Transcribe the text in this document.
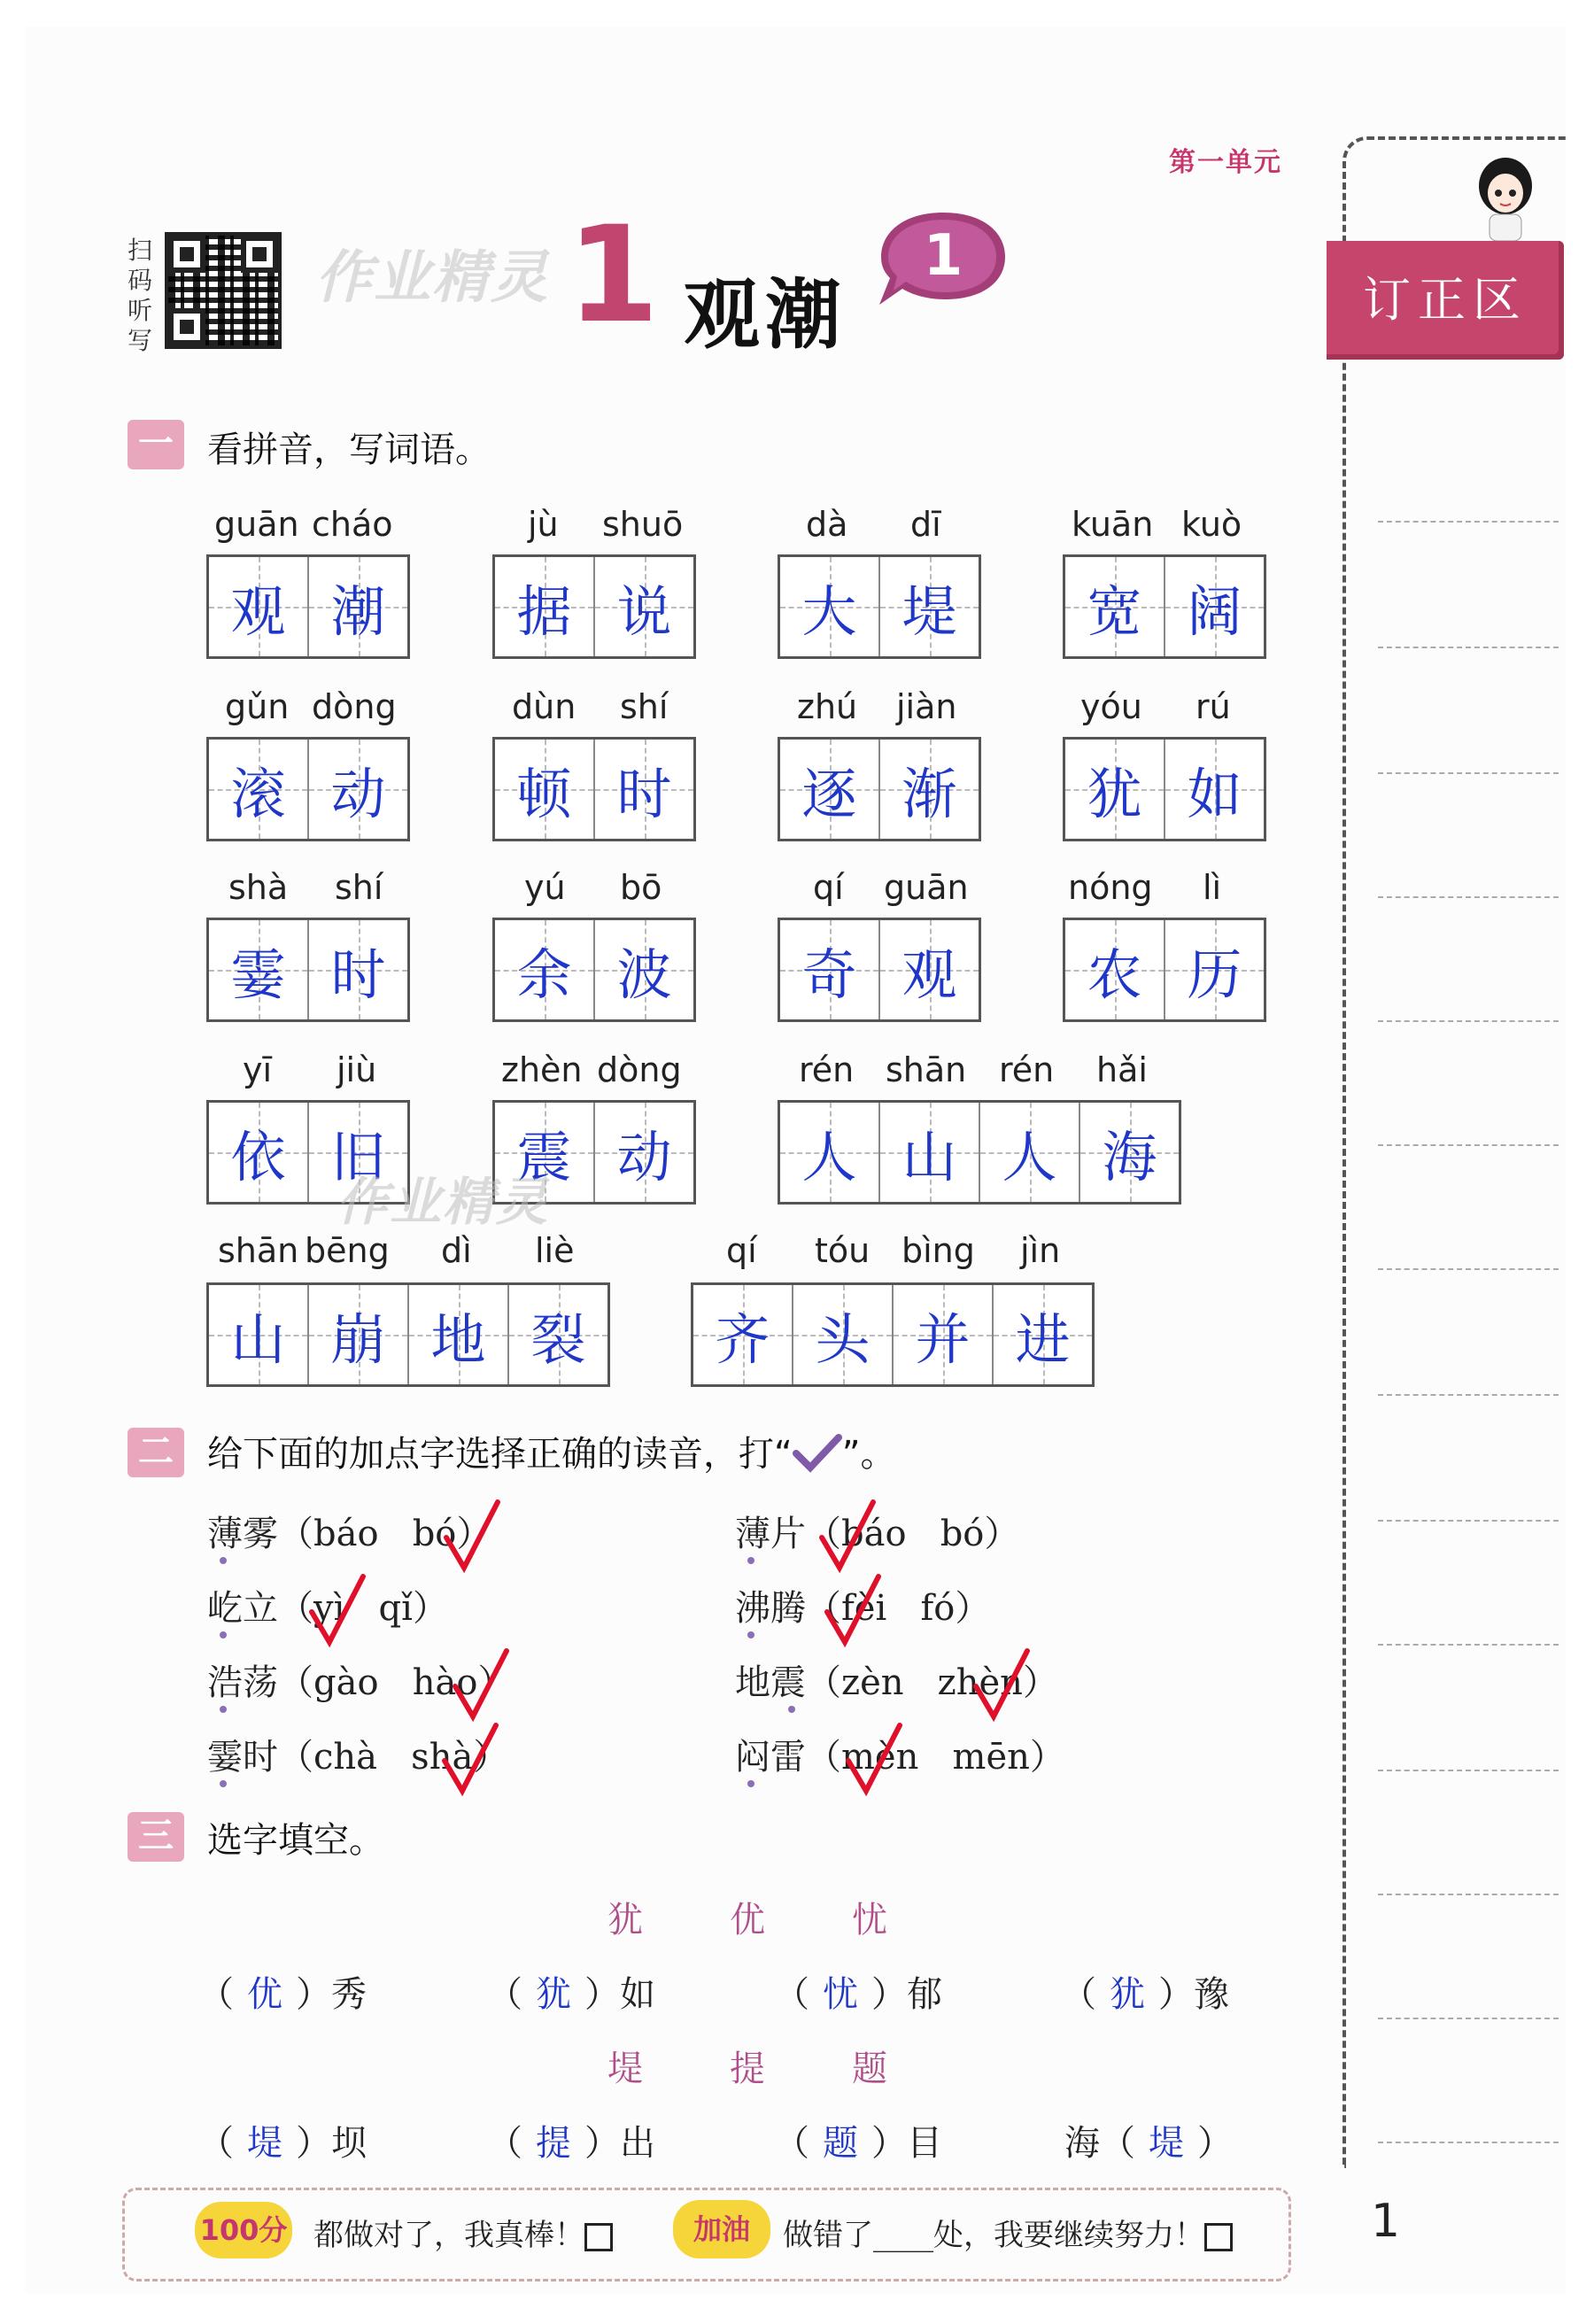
第一单元
扫码听写
作业精灵 1 观潮
1
订正区
一 看拼音，写词语。
guān cháo
观 潮
jù shuō
据 说
dà dī
大 堤
kuān kuò
宽 阔
gǔn dòng
滚 动
dùn shí
顿 时
zhú jiàn
逐 渐
yóu rú
犹 如
shà shí
霎 时
yú bō
余 波
qí guān
奇 观
nóng lì
农 历
yī jiù
依 旧
zhèn dòng
震 动
rén shān rén hǎi
人 山 人 海
作业精灵
shān bēng dì liè
山 崩 地 裂
qí tóu bìng jìn
齐 头 并 进
二 给下面的加点字选择正确的读音，打“ ”。
薄雾（báo bó）
屹立（yì qǐ）
浩荡（gào hào）
霎时（chà shà）
薄片（báo bó）
沸腾（fèi fó）
地震（zèn zhèn）
闷雷（mèn mēn）
三 选字填空。
犹 优 忧
（ 优 ）秀	（ 犹 ）如	（ 忧 ）郁	（ 犹 ）豫
堤 提 题
（ 堤 ）坝	（ 提 ）出	（ 题 ）目	海（ 堤 ）
100分 都做对了，我真棒！	加油	做错了____处，我要继续努力！	1
